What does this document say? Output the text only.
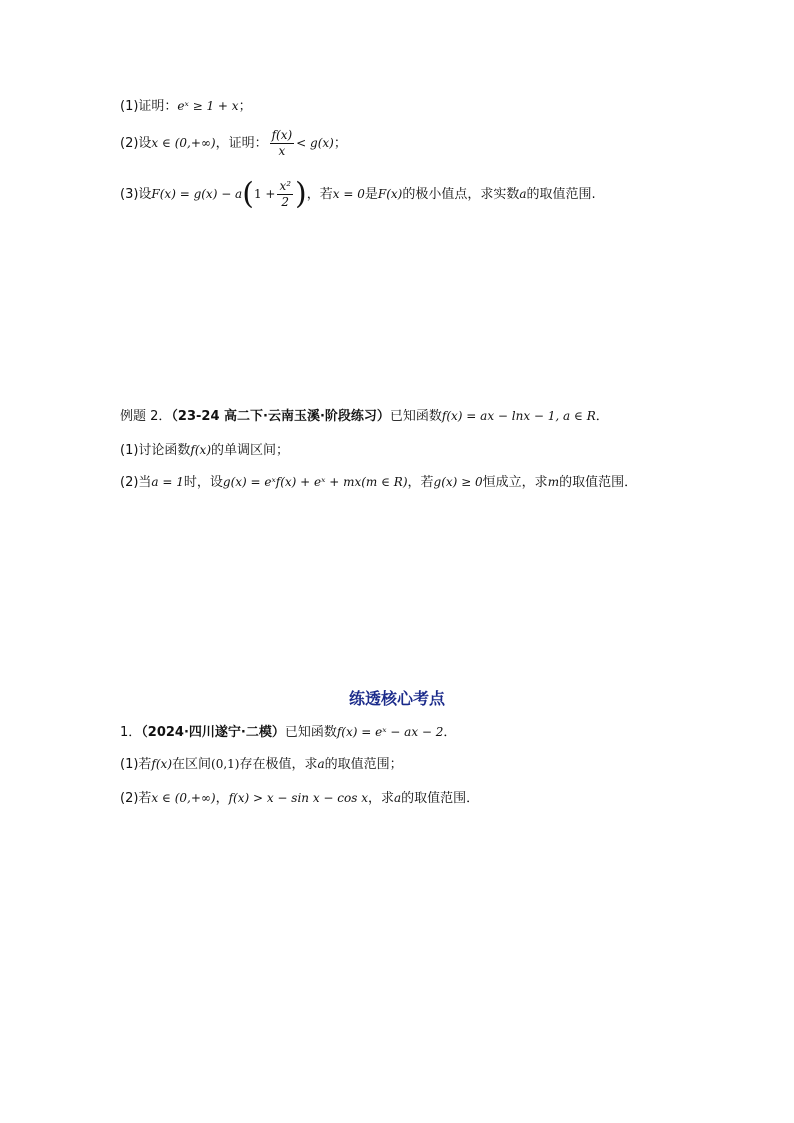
(1)证明：eˣ ≥ 1 + x；
(2)设x ∈ (0,+∞)，证明： $\frac{f(x)}{x} < g(x)$；
(3)设$F(x) = g(x) - a(1 + \frac{\text{x²}}{2}$ )，若x = 0是F(x)的极小值点，求实数a的取值范围.
例题 2．（23-24 高二下·云南玉溪·阶段练习）已知函数f(x) = ax − lnx − 1, a ∈ R．
(1)讨论函数f(x)的单调区间；
(2)当a = 1时，设g(x) = eˣf(x) + eˣ + mx(m ∈ R)，若g(x) ≥ 0恒成立，求m的取值范围．
练透核心考点
1．（2024·四川遂宁·二模）已知函数f(x) = eˣ − ax − 2．
(1)若f(x)在区间(0,1)存在极值，求a的取值范围；
(2)若x ∈ (0,+∞)，f(x) > x − sin x − cos x，求a的取值范围．
